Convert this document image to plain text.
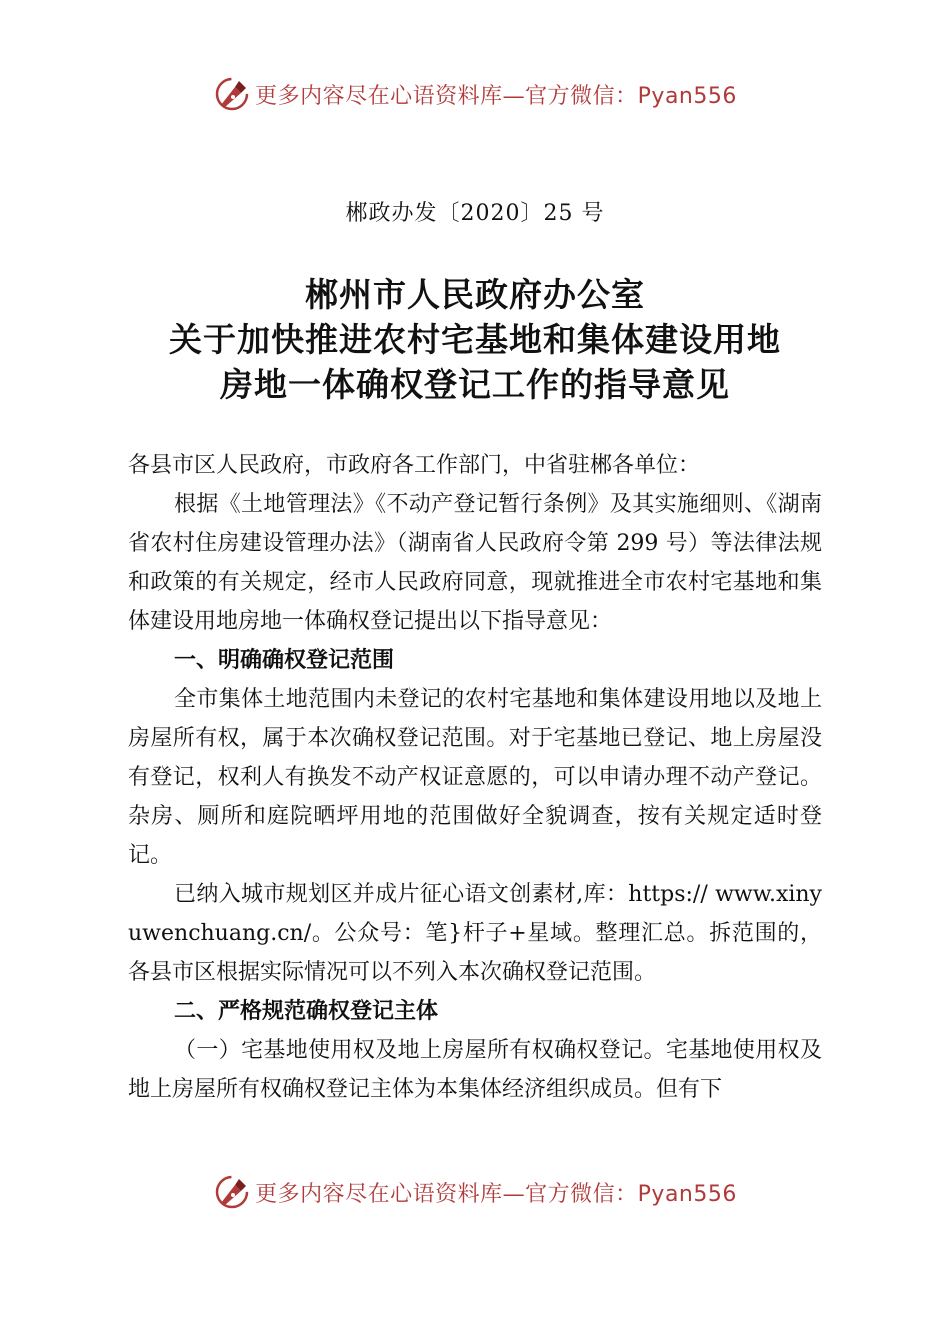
更多内容尽在心语资料库—官方微信：Pyan556
郴政办发〔2020〕25 号
郴州市人民政府办公室
关于加快推进农村宅基地和集体建设用地
房地一体确权登记工作的指导意见

各县市区人民政府，市政府各工作部门，中省驻郴各单位：

根据《土地管理法》《不动产登记暂行条例》及其实施细则、《湖南省农村住房建设管理办法》（湖南省人民政府令第 299 号）等法律法规和政策的有关规定，经市人民政府同意，现就推进全市农村宅基地和集体建设用地房地一体确权登记提出以下指导意见：

一、明确确权登记范围

全市集体土地范围内未登记的农村宅基地和集体建设用地以及地上房屋所有权，属于本次确权登记范围。对于宅基地已登记、地上房屋没有登记，权利人有换发不动产权证意愿的，可以申请办理不动产登记。杂房、厕所和庭院晒坪用地的范围做好全貌调查，按有关规定适时登记。

已纳入城市规划区并成片征心语文创素材,库：https:// www.xinyuwenchuang.cn/。公众号：笔}杆子+星域。整理汇总。拆范围的，各县市区根据实际情况可以不列入本次确权登记范围。

二、严格规范确权登记主体

（一）宅基地使用权及地上房屋所有权确权登记。宅基地使用权及地上房屋所有权确权登记主体为本集体经济组织成员。但有下

更多内容尽在心语资料库—官方微信：Pyan556
